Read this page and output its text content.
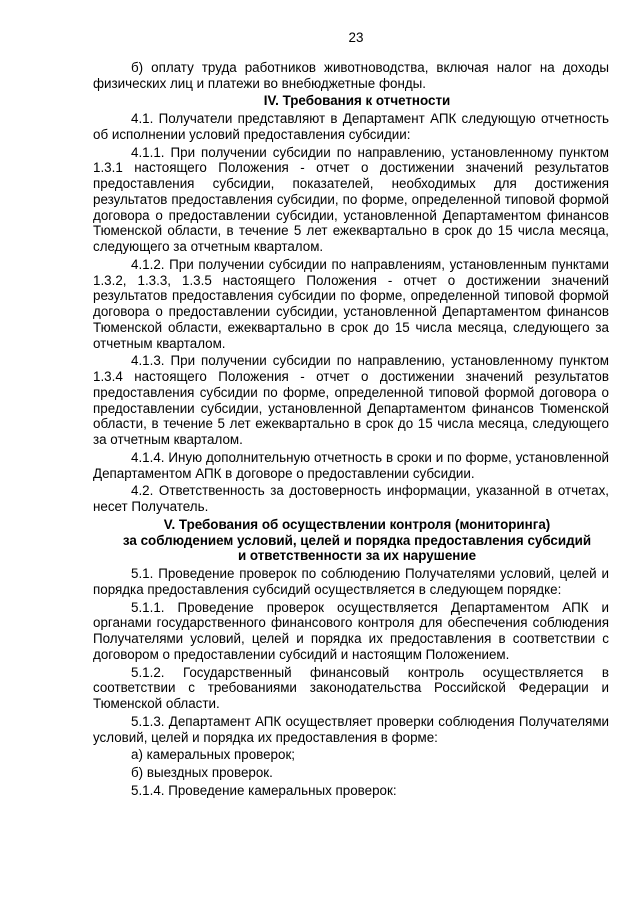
23

б) оплату труда работников животноводства, включая налог на доходы физических лиц и платежи во внебюджетные фонды.

IV. Требования к отчетности

4.1. Получатели представляют в Департамент АПК следующую отчетность об исполнении условий предоставления субсидии:

4.1.1. При получении субсидии по направлению, установленному пунктом 1.3.1 настоящего Положения - отчет о достижении значений результатов предоставления субсидии, показателей, необходимых для достижения результатов предоставления субсидии, по форме, определенной типовой формой договора о предоставлении субсидии, установленной Департаментом финансов Тюменской области, в течение 5 лет ежеквартально в срок до 15 числа месяца, следующего за отчетным кварталом.

4.1.2. При получении субсидии по направлениям, установленным пунктами 1.3.2, 1.3.3, 1.3.5 настоящего Положения - отчет о достижении значений результатов предоставления субсидии по форме, определенной типовой формой договора о предоставлении субсидии, установленной Департаментом финансов Тюменской области, ежеквартально в срок до 15 числа месяца, следующего за отчетным кварталом.

4.1.3. При получении субсидии по направлению, установленному пунктом 1.3.4 настоящего Положения - отчет о достижении значений результатов предоставления субсидии по форме, определенной типовой формой договора о предоставлении субсидии, установленной Департаментом финансов Тюменской области, в течение 5 лет ежеквартально в срок до 15 числа месяца, следующего за отчетным кварталом.

4.1.4. Иную дополнительную отчетность в сроки и по форме, установленной Департаментом АПК в договоре о предоставлении субсидии.

4.2. Ответственность за достоверность информации, указанной в отчетах, несет Получатель.

V. Требования об осуществлении контроля (мониторинга)
за соблюдением условий, целей и порядка предоставления субсидий
и ответственности за их нарушение

5.1. Проведение проверок по соблюдению Получателями условий, целей и порядка предоставления субсидий осуществляется в следующем порядке:

5.1.1. Проведение проверок осуществляется Департаментом АПК и органами государственного финансового контроля для обеспечения соблюдения Получателями условий, целей и порядка их предоставления в соответствии с договором о предоставлении субсидий и настоящим Положением.

5.1.2. Государственный финансовый контроль осуществляется в соответствии с требованиями законодательства Российской Федерации и Тюменской области.

5.1.3. Департамент АПК осуществляет проверки соблюдения Получателями условий, целей и порядка их предоставления в форме:

а) камеральных проверок;

б) выездных проверок.

5.1.4. Проведение камеральных проверок:
